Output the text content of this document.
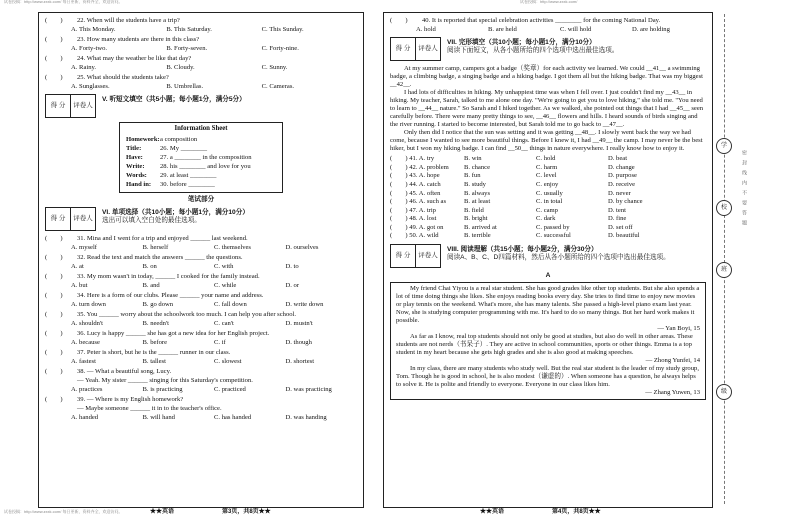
试卷投稿：http://www.zxxk.com/ 每日更新，资料齐全，欢迎访问。	试卷投稿：http://www.zxxk.com/
试卷投稿：http://www.zxxk.com/ 每日更新，资料齐全，欢迎访问。
(　　) 22. When will the students have a trip?
A. This Monday.	B. This Saturday.	C. This Sunday.
(　　) 23. How many students are there in this class?
A. Forty-two.	B. Forty-seven.	C. Forty-nine.
(　　) 24. What may the weather be like that day?
A. Rainy.	B. Cloudy.	C. Sunny.
(　　) 25. What should the students take?
A. Sunglasses.	B. Umbrellas.	C. Cameras.
得 分	评卷人
V. 听短文填空（共5小题；每小题1分，满分5分）
Information Sheet
Homework: a composition
Title:	26. My ________
Have:	27. a ________ in the composition
Write:	28. his ________ and love for you
Words:	29. at least ________
Hand in:	30. before ________
笔试部分
得 分	评卷人
VI. 单项选择（共10小题；每小题1分，满分10分）
选出可以填入空白处的最佳选项。
(　　) 31. Mina and I went for a trip and enjoyed ______ last weekend.
A. myself	B. herself	C. themselves	D. ourselves
(　　) 32. Read the text and match the answers ______ the questions.
A. at	B. on	C. with	D. to
(　　) 33. My mom wasn't in today, ______ I cooked for the family instead.
A. but	B. and	C. while	D. or
(　　) 34. Here is a form of our clubs. Please ______ your name and address.
A. turn down	B. go down	C. fall down	D. write down
(　　) 35. You ______ worry about the schoolwork too much. I can help you after school.
A. shouldn't	B. needn't	C. can't	D. mustn't
(　　) 36. Lucy is happy ______ she has got a new idea for her English project.
A. because	B. before	C. if	D. though
(　　) 37. Peter is short, but he is the ______ runner in our class.
A. fastest	B. tallest	C. slowest	D. shortest
(　　) 38. — What a beautiful song, Lucy.
— Yeah. My sister ______ singing for this Saturday's competition.
A. practices	B. is practicing	C. practiced	D. was practicing
(　　) 39. — Where is my English homework?
— Maybe someone ______ it in to the teacher's office.
A. handed	B. will hand	C. has handed	D. was handing
★★英语　　　　　　　　第3页，共8页★★
(　　) 40. It is reported that special celebration activities ________ for the coming National Day.
A. hold	B. are held	C. will hold	D. are holding
得 分	评卷人
VII. 完形填空（共10小题；每小题1分，满分10分）
阅读下面短文，从各小题所给的四个选项中选出最佳选项。

At my summer camp, campers got a badge（奖章）for each activity we learned. We could __41__ a swimming badge, a climbing badge, a singing badge and a hiking badge. I got them all but the hiking badge. That was my biggest __42__.

I had lots of difficulties in hiking. My unhappiest time was when I fell over. I just couldn't find my __43__ in hiking. My teacher, Sarah, talked to me alone one day. "We're going to get you to love hiking," she told me. "You need to learn to __44__ nature." So Sarah and I hiked together. As we walked, she pointed out things that I had __45__ seen carefully before. There were many pretty things to see, __46__ flowers and hills. I heard sounds of birds singing and the river running. I started to become interested, but Sarah told me to go back to __47__.

Only then did I notice that the sun was setting and it was getting __48__. I slowly went back the way we had come, because I wanted to see more beautiful things. Before I knew it, I had __49__ the camp. I may never be the best hiker, but I won my hiking badge. I can find __50__ things in nature everywhere. I really know how to enjoy it.

(　　) 41. A. try	B. win	C. hold	D. beat
(　　) 42. A. problem	B. chance	C. harm	D. change
(　　) 43. A. hope	B. fun	C. level	D. purpose
(　　) 44. A. catch	B. study	C. enjoy	D. receive
(　　) 45. A. often	B. always	C. usually	D. never
(　　) 46. A. such as	B. at least	C. in total	D. by chance
(　　) 47. A. trip	B. field	C. camp	D. tent
(　　) 48. A. lost	B. bright	C. dark	D. fine
(　　) 49. A. got on	B. arrived at	C. passed by	D. set off
(　　) 50. A. wild	B. terrible	C. successful	D. beautiful
得 分	评卷人
VIII. 阅读理解（共15小题；每小题2分，满分30分）
阅读A、B、C、D四篇材料，然后从各小题所给的四个选项中选出最佳选项。
A

My friend Chai Yiyou is a real star student. She has good grades like other top students. But she also spends a lot of time doing things she likes. She enjoys reading books every day. She tries to find time to enjoy new movies or play tennis on the weekend. What's more, she has many talents. She passed a high-level piano exam last year. Now, she is studying computer programming with me. It's hard to do so many things. But her hard work makes it possible.

— Yan Boyi, 15

As far as I know, real top students should not only be good at studies, but also do well in other areas. These students are not nerds（书呆子）. They are active in school communities, sports or other things. Emma is a top student in my heart because she gets high grades and she is also good at making speeches.

— Zhong Yunfei, 14

In my class, there are many students who study well. But the real star student is the leader of my study group, Tom. Though he is good in school, he is also modest（谦虚的）. When someone has a question, he always helps to solve it. He is polite and friendly to everyone. Everyone in our class likes him.

— Zhang Yuwen, 13
★★英语　　　　　　　　第4页，共8页★★
学
校
班
级
密　封　线　内　不　要　答　题
